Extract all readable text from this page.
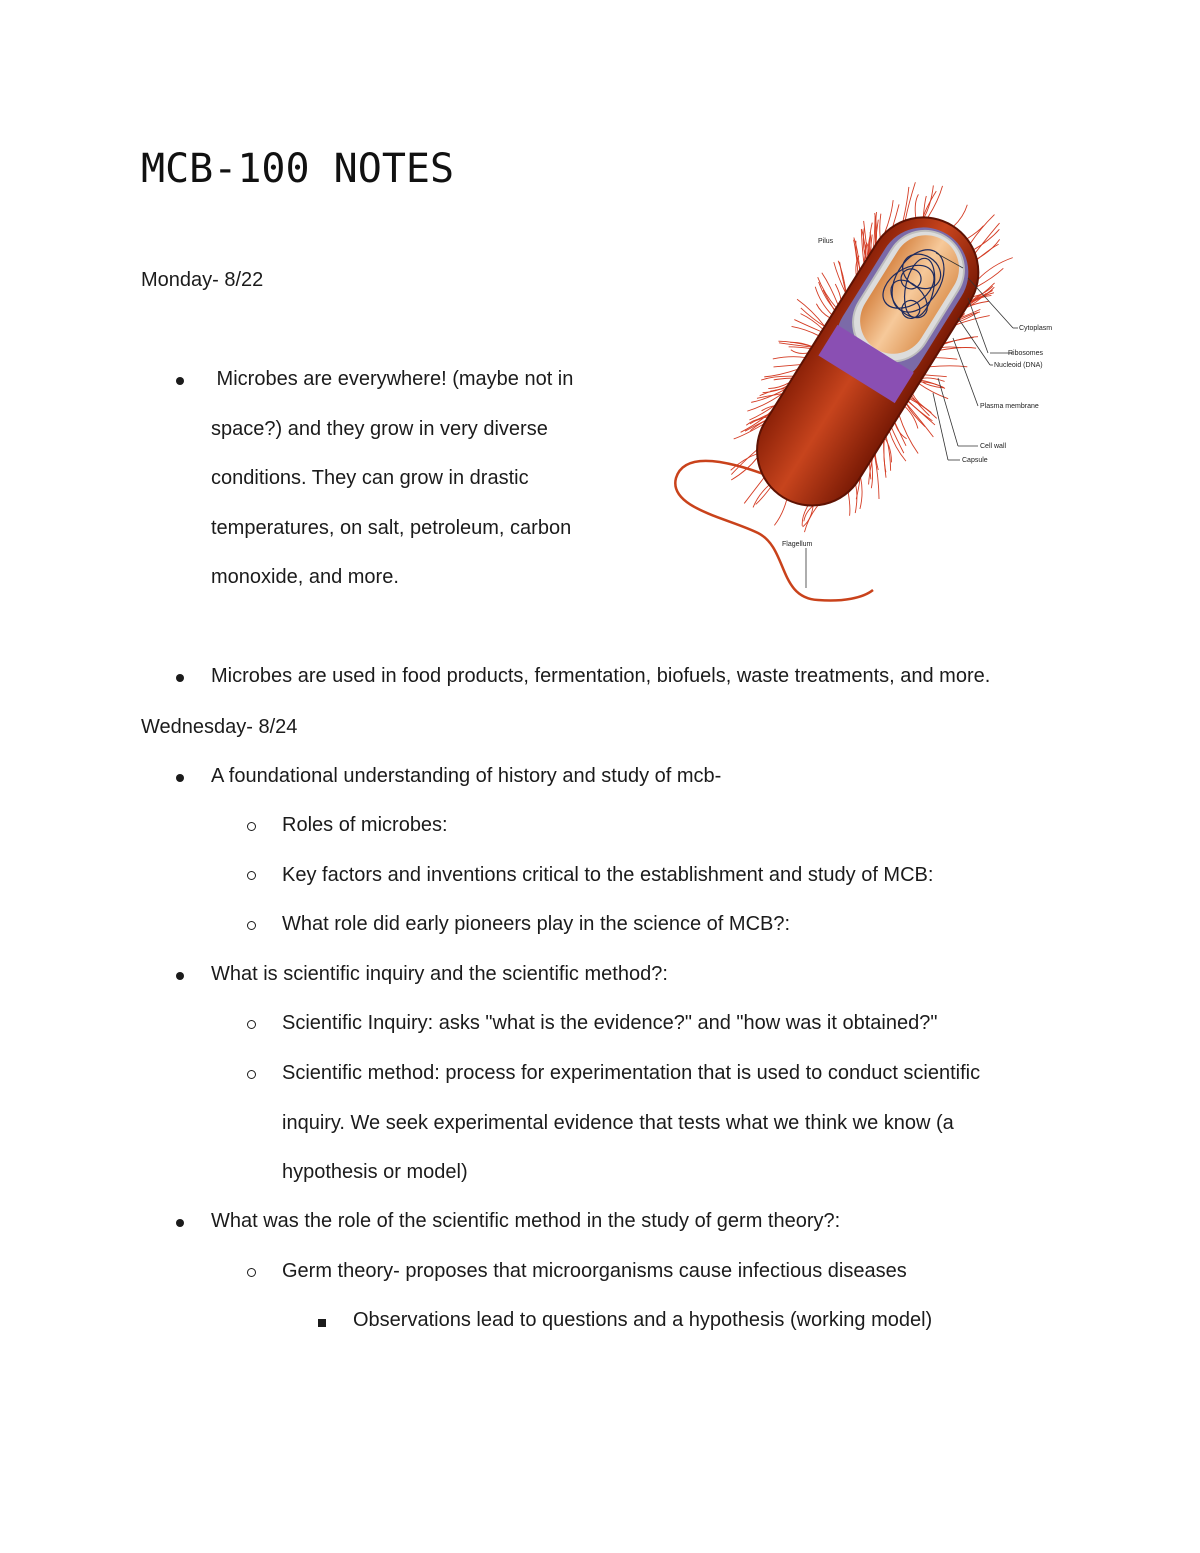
MCB-100 NOTES
Monday- 8/22
Microbes are everywhere! (maybe not in
space?) and they grow in very diverse
conditions. They can grow in drastic
temperatures, on salt, petroleum, carbon
monoxide, and more.
Microbes are used in food products, fermentation, biofuels, waste treatments, and more.
Pilus
Cytoplasm
Ribosomes
Nucleoid (DNA)
Plasma membrane
Cell wall
Capsule
Flagellum
Wednesday- 8/24
A foundational understanding of history and study of mcb-
Roles of microbes:
Key factors and inventions critical to the establishment and study of MCB:
What role did early pioneers play in the science of MCB?:
What is scientific inquiry and the scientific method?:
Scientific Inquiry: asks "what is the evidence?" and "how was it obtained?"
Scientific method: process for experimentation that is used to conduct scientific
inquiry. We seek experimental evidence that tests what we think we know (a
hypothesis or model)
What was the role of the scientific method in the study of germ theory?:
Germ theory- proposes that microorganisms cause infectious diseases
Observations lead to questions and a hypothesis (working model)
